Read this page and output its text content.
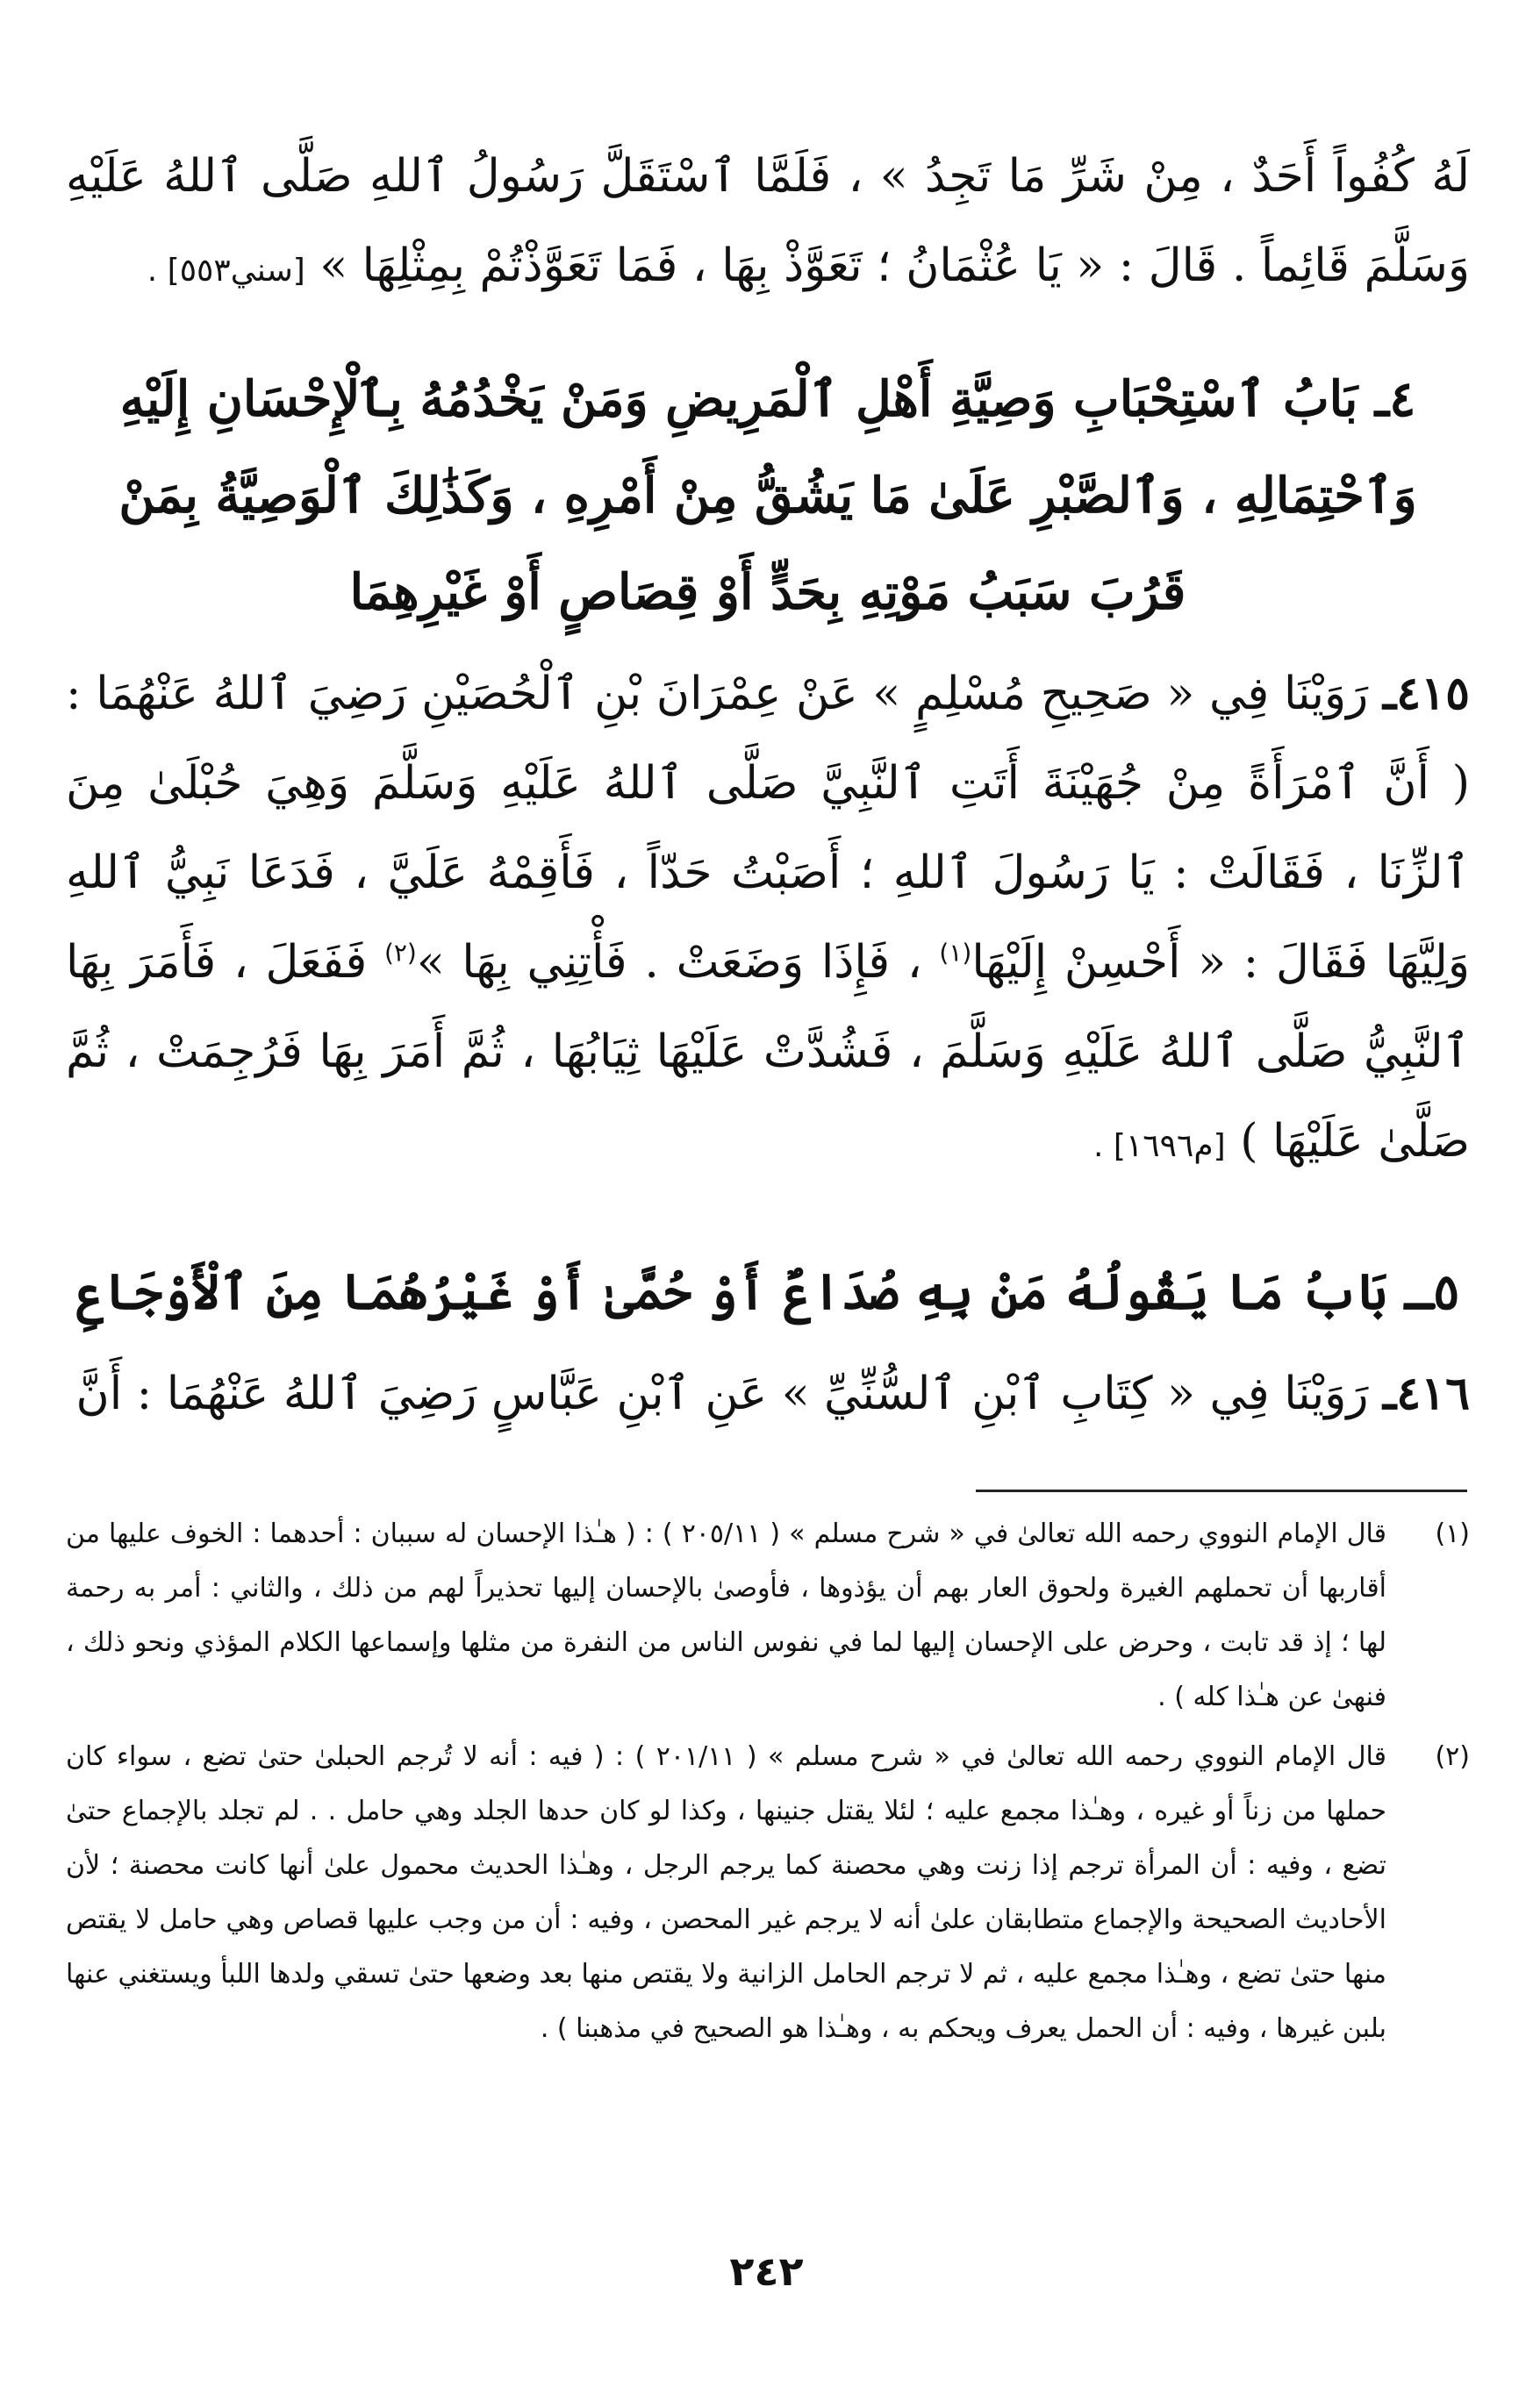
لَهُ كُفُواً أَحَدٌ ، مِنْ شَرِّ مَا تَجِدُ » ، فَلَمَّا ٱسْتَقَلَّ رَسُولُ ٱللهِ صَلَّى ٱللهُ عَلَيْهِ وَسَلَّمَ قَائِماً . قَالَ : « يَا عُثْمَانُ ؛ تَعَوَّذْ بِهَا ، فَمَا تَعَوَّذْتُمْ بِمِثْلِهَا » [سني٥٥٣] .

٤ـ بَابُ ٱسْتِحْبَابِ وَصِيَّةِ أَهْلِ ٱلْمَرِيضِ وَمَنْ يَخْدُمُهُ بِٱلْإِحْسَانِ إِلَيْهِ وَٱحْتِمَالِهِ ، وَٱلصَّبْرِ عَلَىٰ مَا يَشُقُّ مِنْ أَمْرِهِ ، وَكَذَٰلِكَ ٱلْوَصِيَّةُ بِمَنْ قَرُبَ سَبَبُ مَوْتِهِ بِحَدٍّ أَوْ قِصَاصٍ أَوْ غَيْرِهِمَا

٤١٥ـ رَوَيْنَا فِي « صَحِيحِ مُسْلِمٍ » عَنْ عِمْرَانَ بْنِ ٱلْحُصَيْنِ رَضِيَ ٱللهُ عَنْهُمَا : ( أَنَّ ٱمْرَأَةً مِنْ جُهَيْنَةَ أَتَتِ ٱلنَّبِيَّ صَلَّى ٱللهُ عَلَيْهِ وَسَلَّمَ وَهِيَ حُبْلَىٰ مِنَ ٱلزِّنَا ، فَقَالَتْ : يَا رَسُولَ ٱللهِ ؛ أَصَبْتُ حَدّاً ، فَأَقِمْهُ عَلَيَّ ، فَدَعَا نَبِيُّ ٱللهِ وَلِيَّهَا فَقَالَ : « أَحْسِنْ إِلَيْهَا$^{(١)}$ ، فَإِذَا وَضَعَتْ . فَأْتِنِي بِهَا »$^{(٢)}$ فَفَعَلَ ، فَأَمَرَ بِهَا ٱلنَّبِيُّ صَلَّى ٱللهُ عَلَيْهِ وَسَلَّمَ ، فَشُدَّتْ عَلَيْهَا ثِيَابُهَا ، ثُمَّ أَمَرَ بِهَا فَرُجِمَتْ ، ثُمَّ صَلَّىٰ عَلَيْهَا ) [م١٦٩٦] .

٥ـ بَابُ مَا يَقُولُهُ مَنْ بِهِ صُدَاعٌ أَوْ حُمَّىٰ أَوْ غَيْرُهُمَا مِنَ ٱلْأَوْجَاعِ

٤١٦ـ رَوَيْنَا فِي « كِتَابِ ٱبْنِ ٱلسُّنِّيِّ » عَنِ ٱبْنِ عَبَّاسٍ رَضِيَ ٱللهُ عَنْهُمَا : أَنَّ

(١)
قال الإمام النووي رحمه الله تعالىٰ في « شرح مسلم » ( ٢٠٥/١١ ) : ( هـٰذا الإحسان له سببان : أحدهما : الخوف عليها من أقاربها أن تحملهم الغيرة ولحوق العار بهم أن يؤذوها ، فأوصىٰ بالإحسان إليها تحذيراً لهم من ذلك ، والثاني : أمر به رحمة لها ؛ إذ قد تابت ، وحرض على الإحسان إليها لما في نفوس الناس من النفرة من مثلها وإسماعها الكلام المؤذي ونحو ذلك ، فنهىٰ عن هـٰذا كله ) .
(٢)
قال الإمام النووي رحمه الله تعالىٰ في « شرح مسلم » ( ٢٠١/١١ ) : ( فيه : أنه لا تُرجم الحبلىٰ حتىٰ تضع ، سواء كان حملها من زناً أو غيره ، وهـٰذا مجمع عليه ؛ لئلا يقتل جنينها ، وكذا لو كان حدها الجلد وهي حامل . . لم تجلد بالإجماع حتىٰ تضع ، وفيه : أن المرأة ترجم إذا زنت وهي محصنة كما يرجم الرجل ، وهـٰذا الحديث محمول علىٰ أنها كانت محصنة ؛ لأن الأحاديث الصحيحة والإجماع متطابقان علىٰ أنه لا يرجم غير المحصن ، وفيه : أن من وجب عليها قصاص وهي حامل لا يقتص منها حتىٰ تضع ، وهـٰذا مجمع عليه ، ثم لا ترجم الحامل الزانية ولا يقتص منها بعد وضعها حتىٰ تسقي ولدها اللبأ ويستغني عنها بلبن غيرها ، وفيه : أن الحمل يعرف ويحكم به ، وهـٰذا هو الصحيح في مذهبنا ) .
٢٤٢
